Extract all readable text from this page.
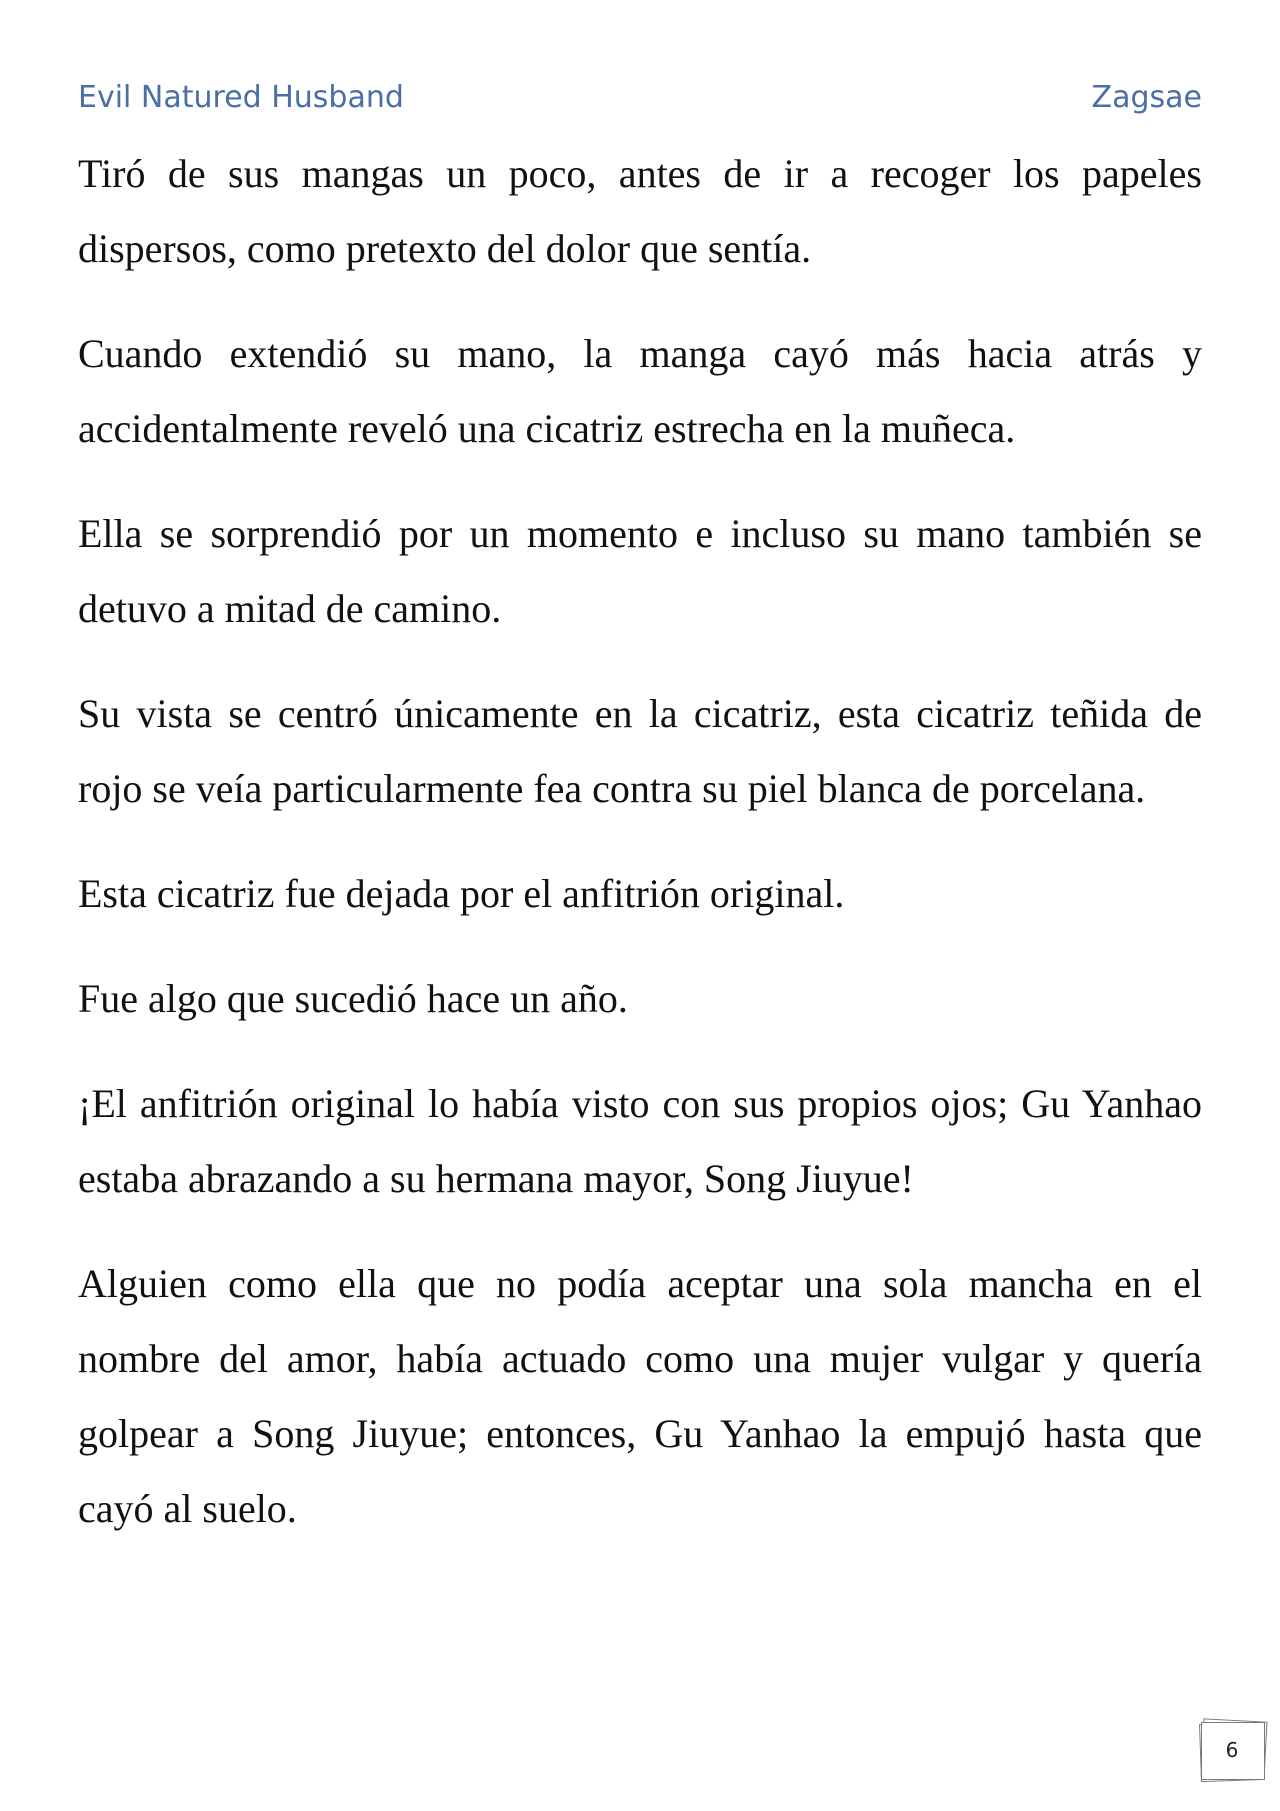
Evil Natured Husband	Zagsae

Tiró de sus mangas un poco, antes de ir a recoger los papeles dispersos, como pretexto del dolor que sentía.

Cuando extendió su mano, la manga cayó más hacia atrás y accidentalmente reveló una cicatriz estrecha en la muñeca.

Ella se sorprendió por un momento e incluso su mano también se detuvo a mitad de camino.

Su vista se centró únicamente en la cicatriz, esta cicatriz teñida de rojo se veía particularmente fea contra su piel blanca de porcelana.

Esta cicatriz fue dejada por el anfitrión original.

Fue algo que sucedió hace un año.

¡El anfitrión original lo había visto con sus propios ojos; Gu Yanhao estaba abrazando a su hermana mayor, Song Jiuyue!

Alguien como ella que no podía aceptar una sola mancha en el nombre del amor, había actuado como una mujer vulgar y quería golpear a Song Jiuyue; entonces, Gu Yanhao la empujó hasta que cayó al suelo.

6
